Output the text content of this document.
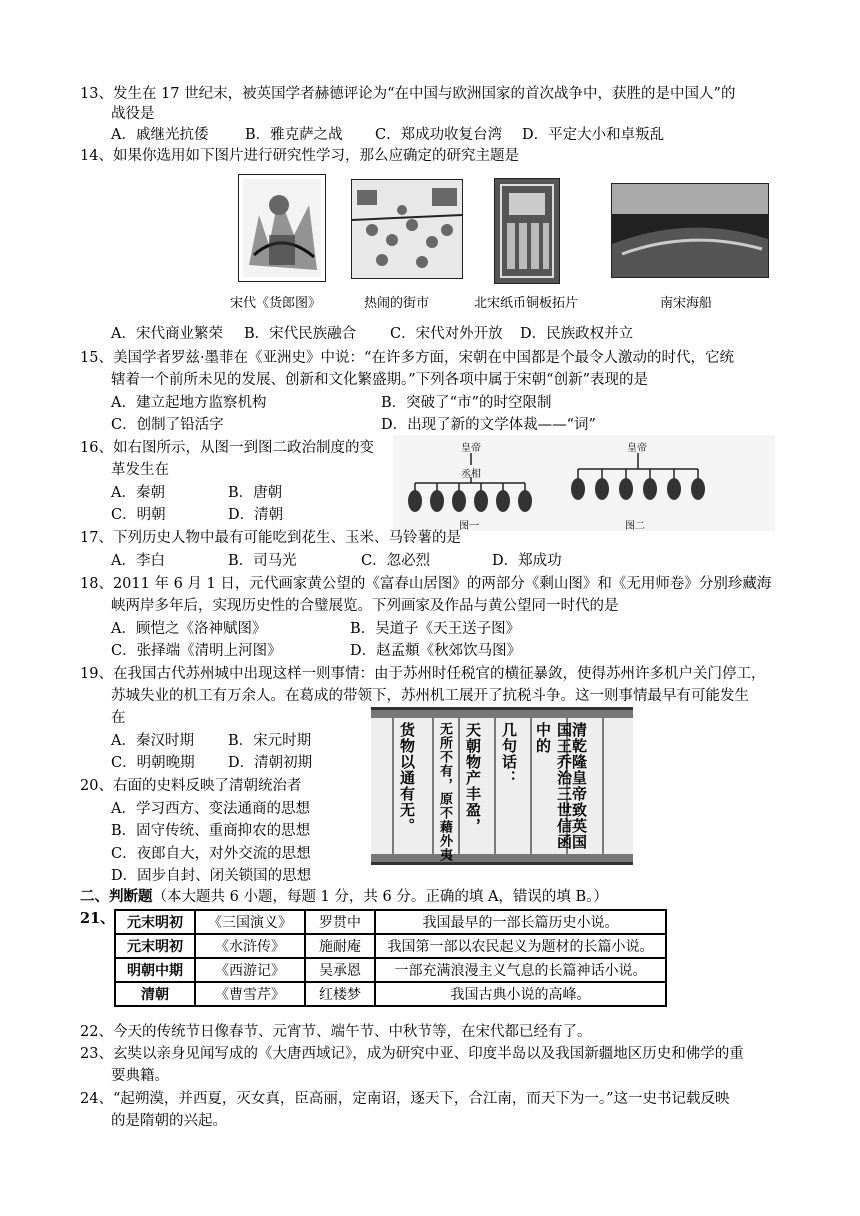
13、发生在 17 世纪末，被英国学者赫德评论为“在中国与欧洲国家的首次战争中，获胜的是中国人”的
战役是
A．戚继光抗倭	B．雅克萨之战 C．郑成功收复台湾 D．平定大小和卓叛乱
14、如果你选用如下图片进行研究性学习，那么应确定的研究主题是
宋代《货郎图》	热闹的街市	北宋纸币铜板拓片	南宋海船
A．宋代商业繁荣 B．宋代民族融合 C．宋代对外开放 D．民族政权并立
15、美国学者罗兹·墨菲在《亚洲史》中说：“在许多方面，宋朝在中国都是个最令人激动的时代，它统
辖着一个前所未见的发展、创新和文化繁盛期。”下列各项中属于宋朝“创新”表现的是
A．建立起地方监察机构	B．突破了“市”的时空限制
C．创制了铅活字	D．出现了新的文学体裁——“词”
16、如右图所示，从图一到图二政治制度的变
革发生在
A．秦朝	B．唐朝
C．明朝	D．清朝
皇帝
丞相
皇帝
图一	图二
17、下列历史人物中最有可能吃到花生、玉米、马铃薯的是
A．李白	B．司马光	C．忽必烈	D．郑成功
18、2011 年 6 月 1 日，元代画家黄公望的《富春山居图》的两部分《剩山图》和《无用师卷》分别珍藏海
峡两岸多年后，实现历史性的合璧展览。下列画家及作品与黄公望同一时代的是
A．顾恺之《洛神赋图》	B．吴道子《天王送子图》
C．张择端《清明上河图》	D．赵孟頫《秋郊饮马图》
19、在我国古代苏州城中出现这样一则事情：由于苏州时任税官的横征暴敛，使得苏州许多机户关门停工，
苏城失业的机工有万余人。在葛成的带领下，苏州机工展开了抗税斗争。这一则事情最早有可能发生
在
A．秦汉时期 B．宋元时期
C．明朝晚期 D．清朝初期
20、右面的史料反映了清朝统治者
A．学习西方、变法通商的思想
B．固守传统、重商抑农的思想
C．夜郎自大，对外交流的思想
D．固步自封、闭关锁国的思想
清乾隆皇帝致英国
国王乔治三世信函中的
几句话：
天朝物产丰盈，
无所不有，原不藉外夷
货物以通有无。
二、判断题（本大题共 6 小题，每题 1 分，共 6 分。正确的填 A，错误的填 B。）
21、 元末明初	《三国演义》	罗贯中	我国最早的一部长篇历史小说。
元末明初	《水浒传》	施耐庵	我国第一部以农民起义为题材的长篇小说。
明朝中期	《西游记》	吴承恩	一部充满浪漫主义气息的长篇神话小说。
清朝	《曹雪芹》	红楼梦	我国古典小说的高峰。
22、今天的传统节日像春节、元宵节、端午节、中秋节等，在宋代都已经有了。
23、玄奘以亲身见闻写成的《大唐西域记》，成为研究中亚、印度半岛以及我国新疆地区历史和佛学的重
要典籍。
24、“起朔漠，并西夏，灭女真，臣高丽，定南诏，逐天下，合江南，而天下为一。”这一史书记载反映
的是隋朝的兴起。
